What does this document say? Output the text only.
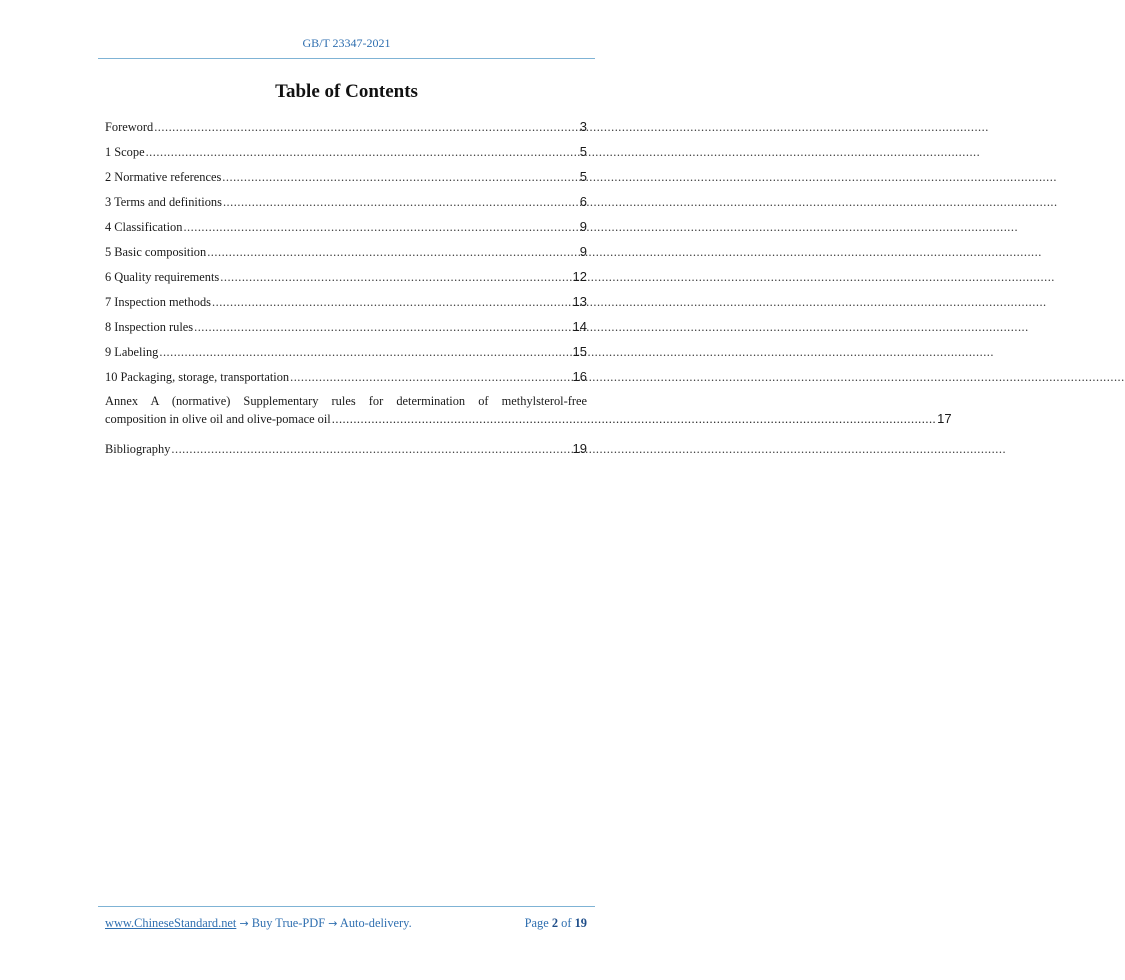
GB/T 23347-2021
Table of Contents
Foreword .....	3
1 Scope .....	5
2 Normative references .....	5
3 Terms and definitions .....	6
4 Classification .....	9
5 Basic composition .....	9
6 Quality requirements .....	12
7 Inspection methods .....	13
8 Inspection rules .....	14
9 Labeling .....	15
10 Packaging, storage, transportation .....	16
Annex A (normative) Supplementary rules for determination of methylsterol-free
composition in olive oil and olive-pomace oil ........................................................................................................................................................................ 17
Bibliography .....	19
www.ChineseStandard.net → Buy True-PDF → Auto-delivery.	Page 2 of 19
